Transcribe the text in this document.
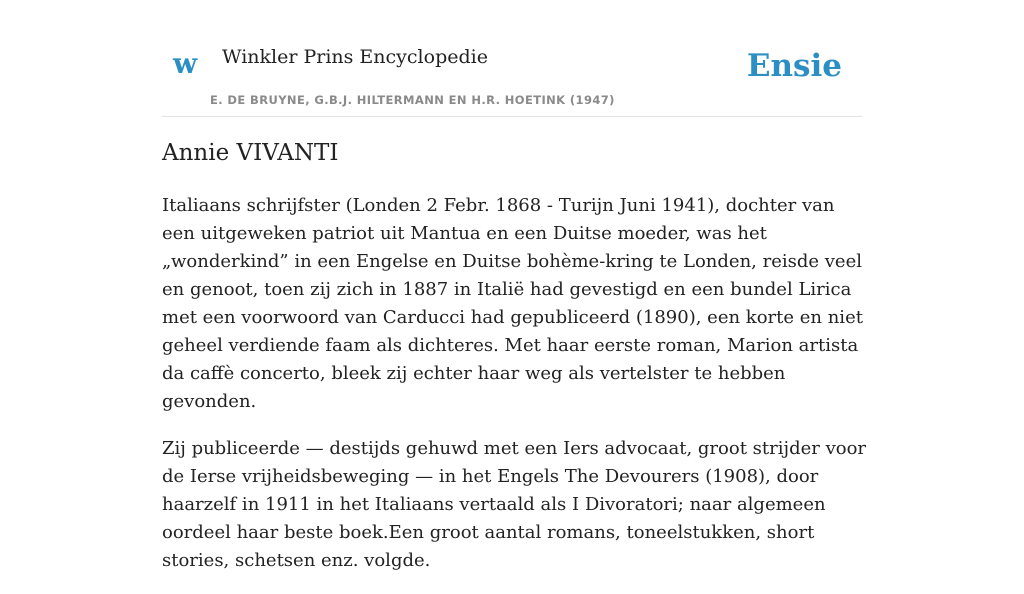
w Winkler Prins Encyclopedie
E. DE BRUYNE, G.B.J. HILTERMANN EN H.R. HOETINK (1947)
Ensie
Annie VIVANTI

Italiaans schrijfster (Londen 2 Febr. 1868 - Turijn Juni 1941), dochter van een uitgeweken patriot uit Mantua en een Duitse moeder, was het „wonderkind” in een Engelse en Duitse bohème-kring te Londen, reisde veel en genoot, toen zij zich in 1887 in Italië had gevestigd en een bundel Lirica met een voorwoord van Carducci had gepubliceerd (1890), een korte en niet geheel verdiende faam als dichteres. Met haar eerste roman, Marion artista da caffè concerto, bleek zij echter haar weg als vertelster te hebben gevonden.

Zij publiceerde — destijds gehuwd met een Iers advocaat, groot strijder voor de Ierse vrijheidsbeweging — in het Engels The Devourers (1908), door haarzelf in 1911 in het Italiaans vertaald als I Divoratori; naar algemeen oordeel haar beste boek.Een groot aantal romans, toneelstukken, short stories, schetsen enz. volgde.
